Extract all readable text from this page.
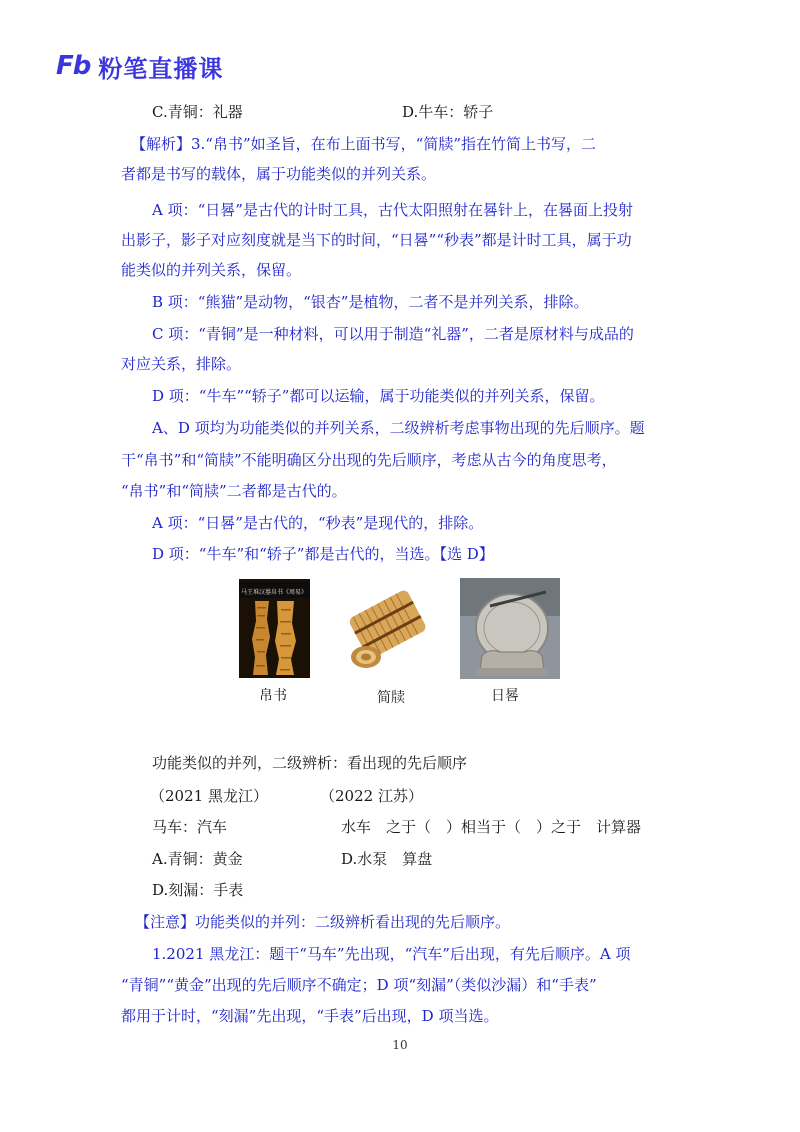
Fb 粉笔直播课
C.青铜：礼器	D.牛车：轿子
【解析】3.“帛书”如圣旨，在布上面书写，“简牍”指在竹简上书写，二
者都是书写的载体，属于功能类似的并列关系。
A 项：“日晷”是古代的计时工具，古代太阳照射在晷针上，在晷面上投射
出影子，影子对应刻度就是当下的时间，“日晷”“秒表”都是计时工具，属于功
能类似的并列关系，保留。
B 项：“熊猫”是动物，“银杏”是植物，二者不是并列关系，排除。
C 项：“青铜”是一种材料，可以用于制造“礼器”，二者是原材料与成品的
对应关系，排除。
D 项：“牛车”“轿子”都可以运输，属于功能类似的并列关系，保留。
A、D 项均为功能类似的并列关系，二级辨析考虑事物出现的先后顺序。题
干“帛书”和“简牍”不能明确区分出现的先后顺序，考虑从古今的角度思考，
“帛书”和“简牍”二者都是古代的。
A 项：“日晷”是古代的，“秒表”是现代的，排除。
D 项：“牛车”和“轿子”都是古代的，当选。【选 D】
马王堆汉墓帛书《周易》
帛书	简牍	日晷
功能类似的并列，二级辨析：看出现的先后顺序
（2021 黑龙江）	（2022 江苏）
马车：汽车	水车　之于（　）相当于（　）之于　计算器
A.青铜：黄金	D.水泵　算盘
D.刻漏：手表
【注意】功能类似的并列：二级辨析看出现的先后顺序。
1.2021 黑龙江：题干“马车”先出现，“汽车”后出现，有先后顺序。A 项
“青铜”“黄金”出现的先后顺序不确定；D 项“刻漏”（类似沙漏）和“手表”
都用于计时，“刻漏”先出现，“手表”后出现，D 项当选。
10
